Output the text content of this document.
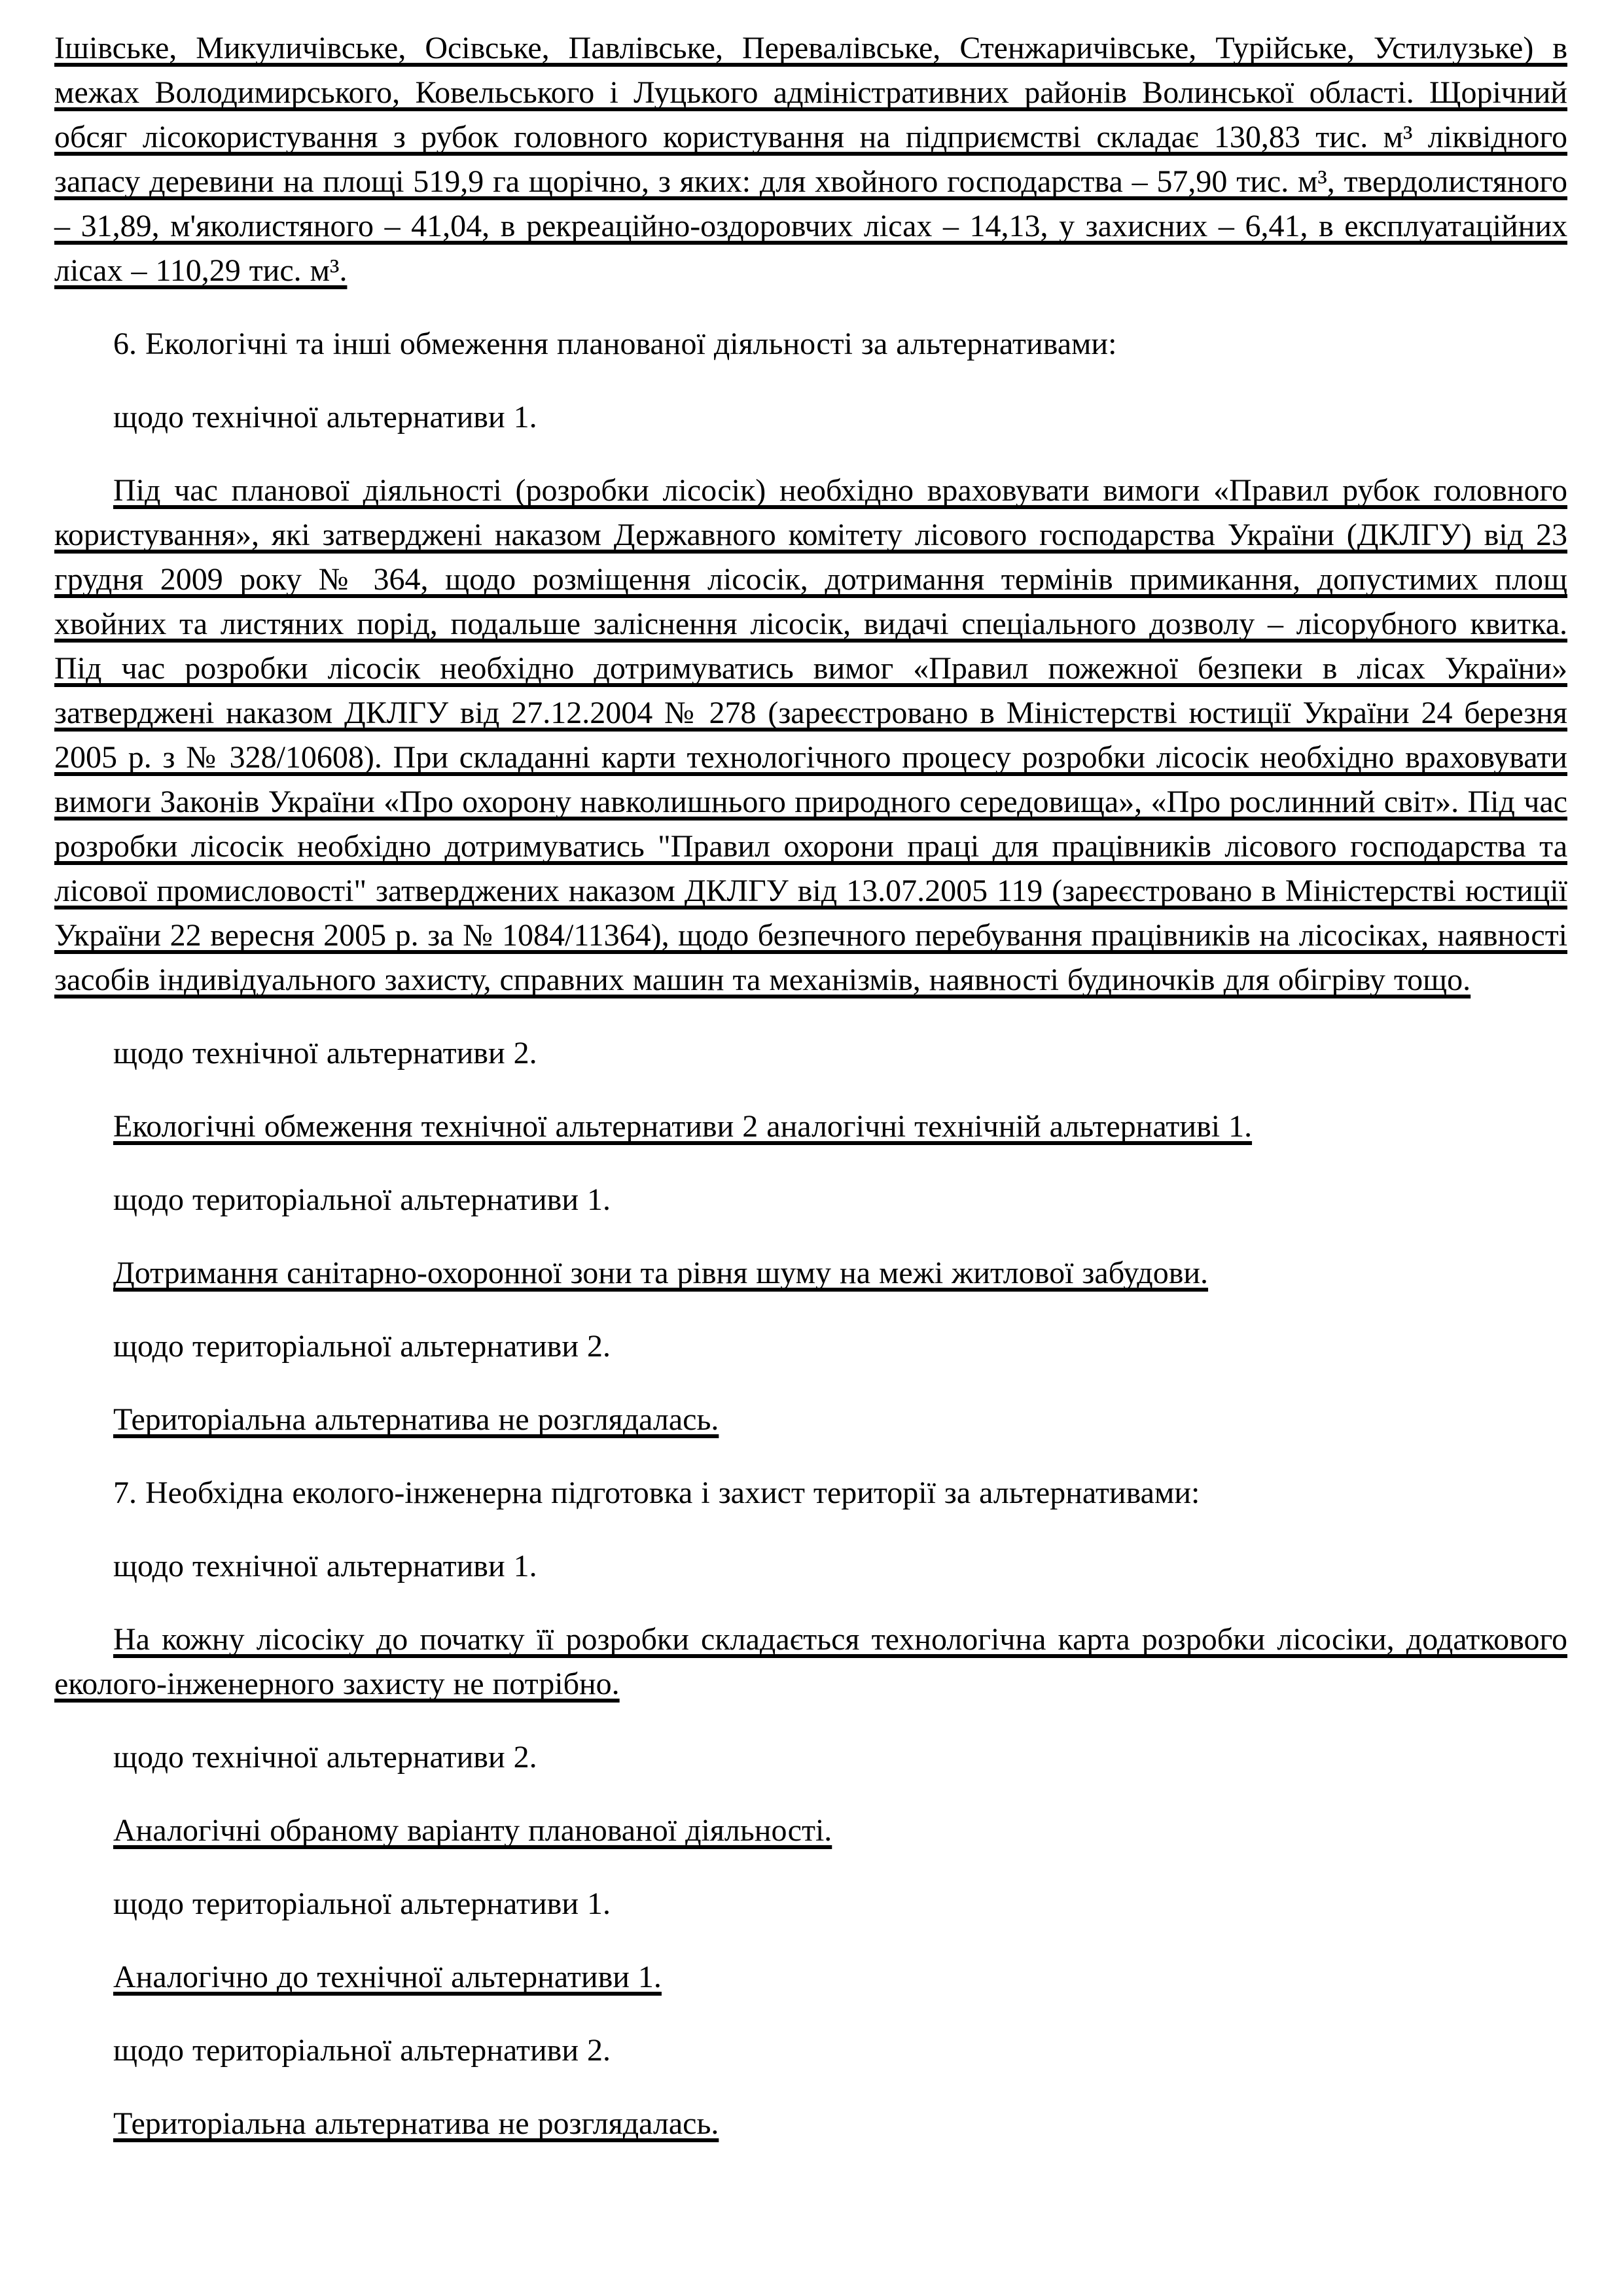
Ішівське, Микуличівське, Осівське, Павлівське, Перевалівське, Стенжаричівське, Турійське, Устилузьке) в межах Володимирського, Ковельського і Луцького адміністративних районів Волинської області. Щорічний обсяг лісокористування з рубок головного користування на підприємстві складає 130,83 тис. м³ ліквідного запасу деревини на площі 519,9 га щорічно, з яких: для хвойного господарства – 57,90 тис. м³, твердолистяного – 31,89, м'яколистяного – 41,04, в рекреаційно-оздоровчих лісах – 14,13, у захисних – 6,41, в експлуатаційних лісах – 110,29 тис. м³.

6. Екологічні та інші обмеження планованої діяльності за альтернативами:

щодо технічної альтернативи 1.

Під час планової діяльності (розробки лісосік) необхідно враховувати вимоги «Правил рубок головного користування», які затверджені наказом Державного комітету лісового господарства України (ДКЛГУ) від 23 грудня 2009 року № 364, щодо розміщення лісосік, дотримання термінів примикання, допустимих площ хвойних та листяних порід, подальше заліснення лісосік, видачі спеціального дозволу – лісорубного квитка. Під час розробки лісосік необхідно дотримуватись вимог «Правил пожежної безпеки в лісах України» затверджені наказом ДКЛГУ від 27.12.2004 № 278 (зареєстровано в Міністерстві юстиції України 24 березня 2005 р. з № 328/10608). При складанні карти технологічного процесу розробки лісосік необхідно враховувати вимоги Законів України «Про охорону навколишнього природного середовища», «Про рослинний світ». Під час розробки лісосік необхідно дотримуватись "Правил охорони праці для працівників лісового господарства та лісової промисловості" затверджених наказом ДКЛГУ від 13.07.2005 119 (зареєстровано в Міністерстві юстиції України 22 вересня 2005 р. за № 1084/11364), щодо безпечного перебування працівників на лісосіках, наявності засобів індивідуального захисту, справних машин та механізмів, наявності будиночків для обігріву тощо.

щодо технічної альтернативи 2.

Екологічні обмеження технічної альтернативи 2 аналогічні технічній альтернативі 1.

щодо територіальної альтернативи 1.

Дотримання санітарно-охоронної зони та рівня шуму на межі житлової забудови.

щодо територіальної альтернативи 2.

Територіальна альтернатива не розглядалась.

7. Необхідна еколого-інженерна підготовка і захист території за альтернативами:

щодо технічної альтернативи 1.

На кожну лісосіку до початку її розробки складається технологічна карта розробки лісосіки, додаткового еколого-інженерного захисту не потрібно.

щодо технічної альтернативи 2.

Аналогічні обраному варіанту планованої діяльності.

щодо територіальної альтернативи 1.

Аналогічно до технічної альтернативи 1.

щодо територіальної альтернативи 2.

Територіальна альтернатива не розглядалась.
